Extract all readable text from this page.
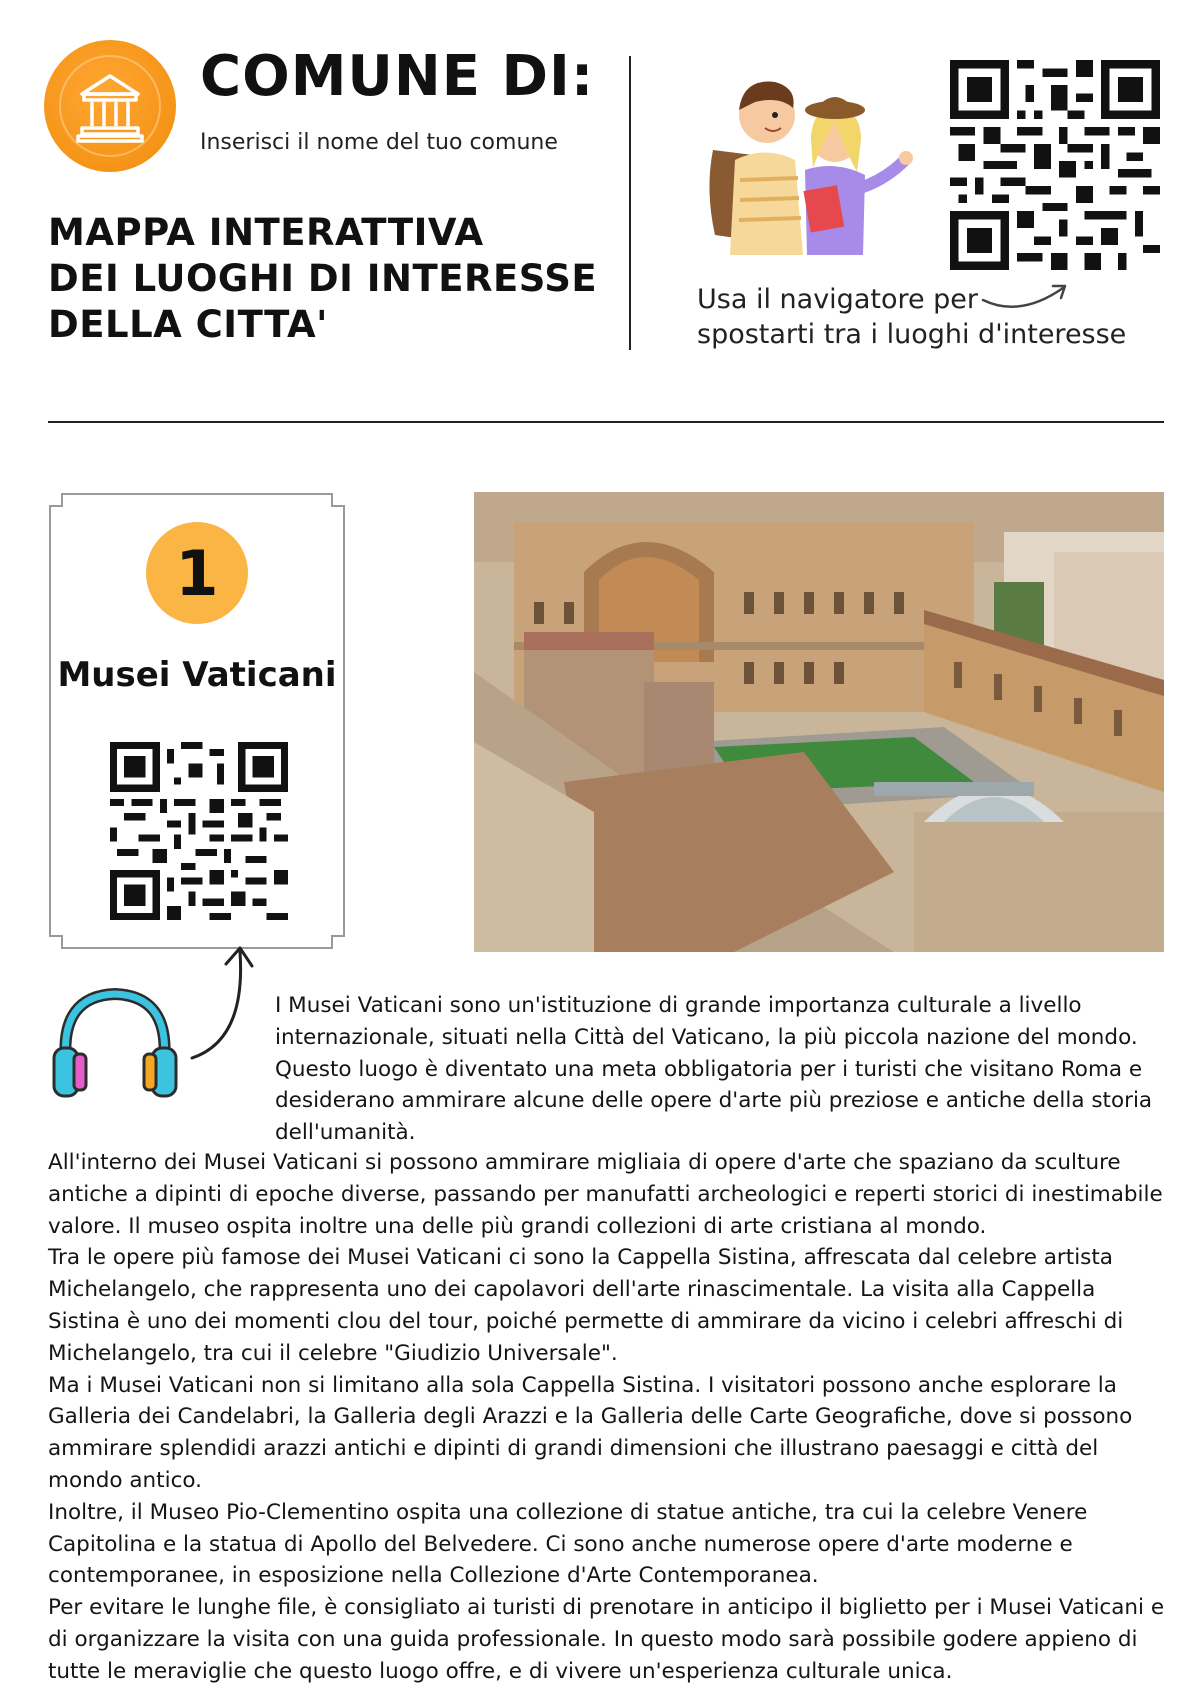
COMUNE DI:

Inserisci il nome del tuo comune

MAPPA INTERATTIVA
DEI LUOGHI DI INTERESSE
DELLA CITTA'

Usa il navigatore per
spostarti tra i luoghi d'interesse

1

Musei Vaticani

I Musei Vaticani sono un'istituzione di grande importanza culturale a livello internazionale, situati nella Città del Vaticano, la più piccola nazione del mondo. Questo luogo è diventato una meta obbligatoria per i turisti che visitano Roma e desiderano ammirare alcune delle opere d'arte più preziose e antiche della storia dell'umanità.

All'interno dei Musei Vaticani si possono ammirare migliaia di opere d'arte che spaziano da sculture antiche a dipinti di epoche diverse, passando per manufatti archeologici e reperti storici di inestimabile valore. Il museo ospita inoltre una delle più grandi collezioni di arte cristiana al mondo.

Tra le opere più famose dei Musei Vaticani ci sono la Cappella Sistina, affrescata dal celebre artista Michelangelo, che rappresenta uno dei capolavori dell'arte rinascimentale. La visita alla Cappella Sistina è uno dei momenti clou del tour, poiché permette di ammirare da vicino i celebri affreschi di Michelangelo, tra cui il celebre "Giudizio Universale".

Ma i Musei Vaticani non si limitano alla sola Cappella Sistina. I visitatori possono anche esplorare la Galleria dei Candelabri, la Galleria degli Arazzi e la Galleria delle Carte Geografiche, dove si possono ammirare splendidi arazzi antichi e dipinti di grandi dimensioni che illustrano paesaggi e città del mondo antico.

Inoltre, il Museo Pio-Clementino ospita una collezione di statue antiche, tra cui la celebre Venere Capitolina e la statua di Apollo del Belvedere. Ci sono anche numerose opere d'arte moderne e contemporanee, in esposizione nella Collezione d'Arte Contemporanea.

Per evitare le lunghe file, è consigliato ai turisti di prenotare in anticipo il biglietto per i Musei Vaticani e di organizzare la visita con una guida professionale. In questo modo sarà possibile godere appieno di tutte le meraviglie che questo luogo offre, e di vivere un'esperienza culturale unica.
